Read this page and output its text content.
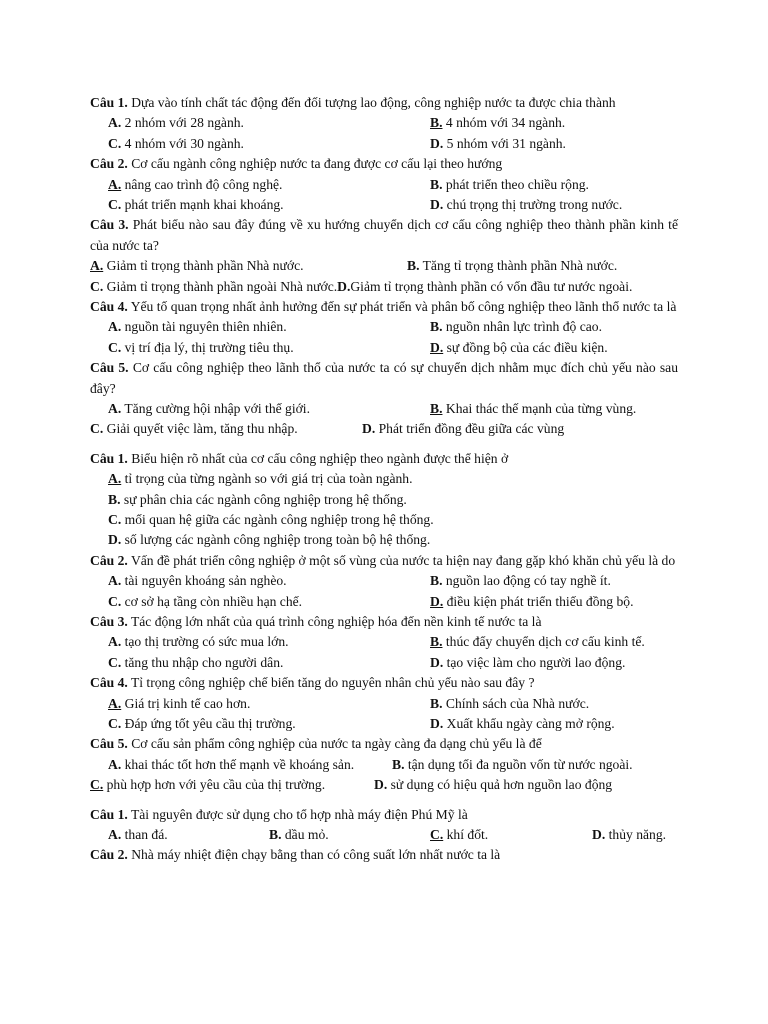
Câu 1. Dựa vào tính chất tác động đến đối tượng lao động, công nghiệp nước ta được chia thành
A. 2 nhóm với 28 ngành.	B. 4 nhóm với 34 ngành.
C. 4 nhóm với 30 ngành.	D. 5 nhóm với 31 ngành.
Câu 2. Cơ cấu ngành công nghiệp nước ta đang được cơ cấu lại theo hướng
A. nâng cao trình độ công nghệ.	B. phát triển theo chiều rộng.
C. phát triển mạnh khai khoáng.	D. chú trọng thị trường trong nước.
Câu 3. Phát biểu nào sau đây đúng về xu hướng chuyển dịch cơ cấu công nghiệp theo thành phần kinh tế của nước ta?
A. Giảm tỉ trọng thành phần Nhà nước.	B. Tăng tỉ trọng thành phần Nhà nước.
C. Giảm tỉ trọng thành phần ngoài Nhà nước.D.Giảm tỉ trọng thành phần có vốn đầu tư nước ngoài.
Câu 4. Yếu tố quan trọng nhất ảnh hưởng đến sự phát triển và phân bố công nghiệp theo lãnh thổ nước ta là
A. nguồn tài nguyên thiên nhiên.	B. nguồn nhân lực trình độ cao.
C. vị trí địa lý, thị trường tiêu thụ.	D. sự đồng bộ của các điều kiện.
Câu 5. Cơ cấu công nghiệp theo lãnh thổ của nước ta có sự chuyển dịch nhằm mục đích chủ yếu nào sau đây?
A. Tăng cường hội nhập với thế giới.	B. Khai thác thế mạnh của từng vùng.
C. Giải quyết việc làm, tăng thu nhập.	D. Phát triển đồng đều giữa các vùng
Câu 1. Biểu hiện rõ nhất của cơ cấu công nghiệp theo ngành được thể hiện ở
A. tỉ trọng của từng ngành so với giá trị của toàn ngành.
B. sự phân chia các ngành công nghiệp trong hệ thống.
C. mối quan hệ giữa các ngành công nghiệp trong hệ thống.
D. số lượng các ngành công nghiệp trong toàn bộ hệ thống.
Câu 2. Vấn đề phát triển công nghiệp ở một số vùng của nước ta hiện nay đang gặp khó khăn chủ yếu là do
A. tài nguyên khoáng sản nghèo.	B. nguồn lao động có tay nghề ít.
C. cơ sở hạ tầng còn nhiều hạn chế.	D. điều kiện phát triển thiếu đồng bộ.
Câu 3. Tác động lớn nhất của quá trình công nghiệp hóa đến nền kinh tế nước ta là
A. tạo thị trường có sức mua lớn.	B. thúc đẩy chuyển dịch cơ cấu kinh tế.
C. tăng thu nhập cho người dân.	D. tạo việc làm cho người lao động.
Câu 4. Tỉ trọng công nghiệp chế biến tăng do nguyên nhân chủ yếu nào sau đây ?
A. Giá trị kinh tế cao hơn.	B. Chính sách của Nhà nước.
C. Đáp ứng tốt yêu cầu thị trường.	D. Xuất khẩu ngày càng mở rộng.
Câu 5. Cơ cấu sản phẩm công nghiệp của nước ta ngày càng đa dạng chủ yếu là để
A. khai thác tốt hơn thế mạnh về khoáng sản.	B. tận dụng tối đa nguồn vốn từ nước ngoài.
C. phù hợp hơn với yêu cầu của thị trường.	D. sử dụng có hiệu quả hơn nguồn lao động
Câu 1. Tài nguyên được sử dụng cho tổ hợp nhà máy điện Phú Mỹ là
A. than đá.	B. dầu mỏ.	C. khí đốt.	D. thủy năng.
Câu 2. Nhà máy nhiệt điện chạy bằng than có công suất lớn nhất nước ta là
